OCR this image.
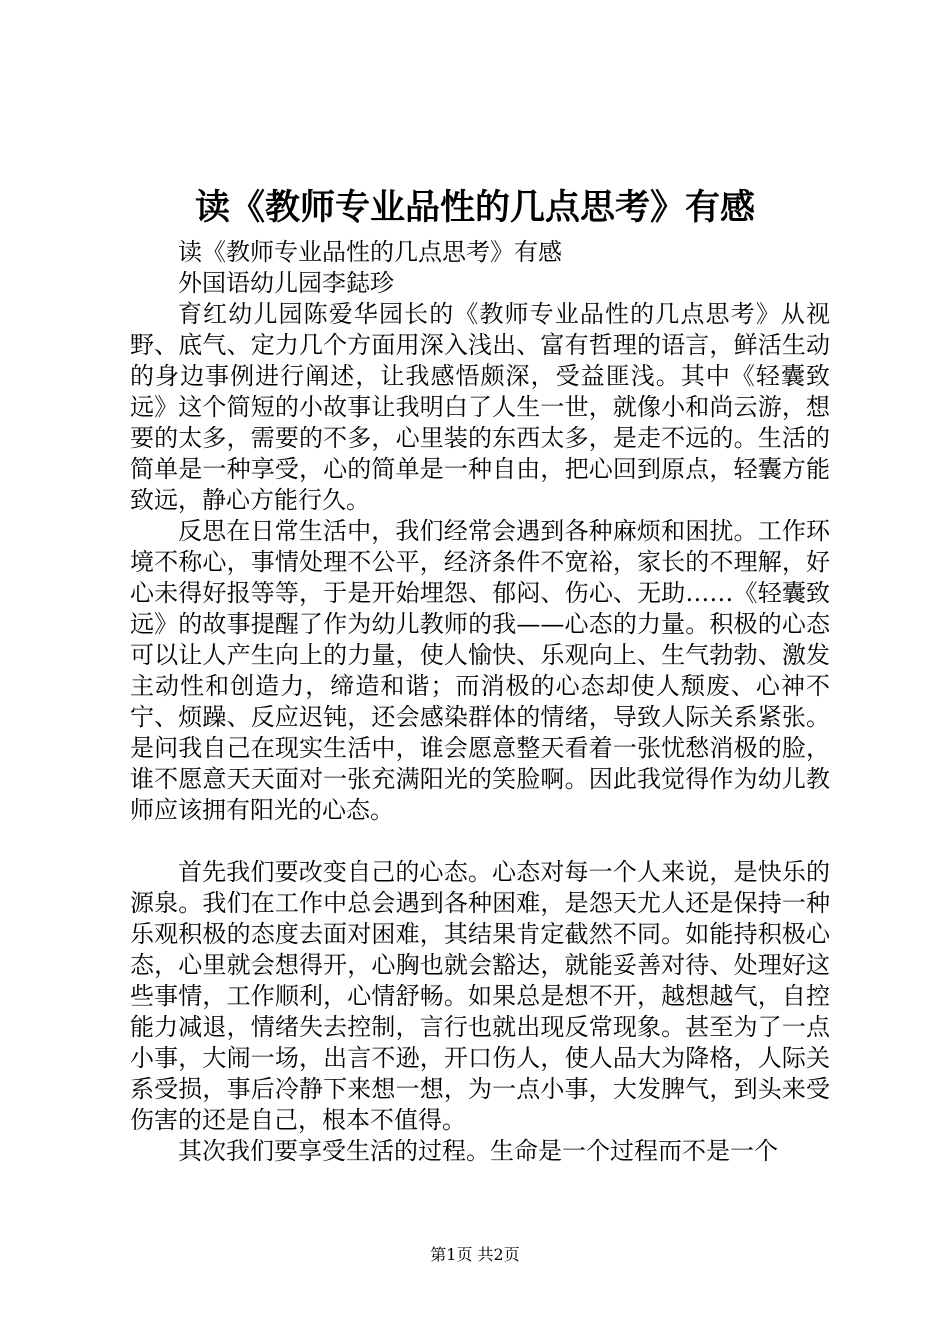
读《教师专业品性的几点思考》有感

读《教师专业品性的几点思考》有感

外国语幼儿园李鋕珍

育红幼儿园陈爱华园长的《教师专业品性的几点思考》从视野、底气、定力几个方面用深入浅出、富有哲理的语言，鲜活生动的身边事例进行阐述，让我感悟颇深，受益匪浅。其中《轻囊致远》这个简短的小故事让我明白了人生一世，就像小和尚云游，想要的太多，需要的不多，心里装的东西太多，是走不远的。生活的简单是一种享受，心的简单是一种自由，把心回到原点，轻囊方能致远，静心方能行久。

反思在日常生活中，我们经常会遇到各种麻烦和困扰。工作环境不称心，事情处理不公平，经济条件不宽裕，家长的不理解，好心未得好报等等，于是开始埋怨、郁闷、伤心、无助……《轻囊致远》的故事提醒了作为幼儿教师的我——心态的力量。积极的心态可以让人产生向上的力量，使人愉快、乐观向上、生气勃勃、激发主动性和创造力，缔造和谐；而消极的心态却使人颓废、心神不宁、烦躁、反应迟钝，还会感染群体的情绪，导致人际关系紧张。是问我自己在现实生活中，谁会愿意整天看着一张忧愁消极的脸，谁不愿意天天面对一张充满阳光的笑脸啊。因此我觉得作为幼儿教师应该拥有阳光的心态。

首先我们要改变自己的心态。心态对每一个人来说，是快乐的源泉。我们在工作中总会遇到各种困难，是怨天尤人还是保持一种乐观积极的态度去面对困难，其结果肯定截然不同。如能持积极心态，心里就会想得开，心胸也就会豁达，就能妥善对待、处理好这些事情，工作顺利，心情舒畅。如果总是想不开，越想越气，自控能力减退，情绪失去控制，言行也就出现反常现象。甚至为了一点小事，大闹一场，出言不逊，开口伤人，使人品大为降格，人际关系受损，事后冷静下来想一想，为一点小事，大发脾气，到头来受伤害的还是自己，根本不值得。

其次我们要享受生活的过程。生命是一个过程而不是一个

第1页 共2页
